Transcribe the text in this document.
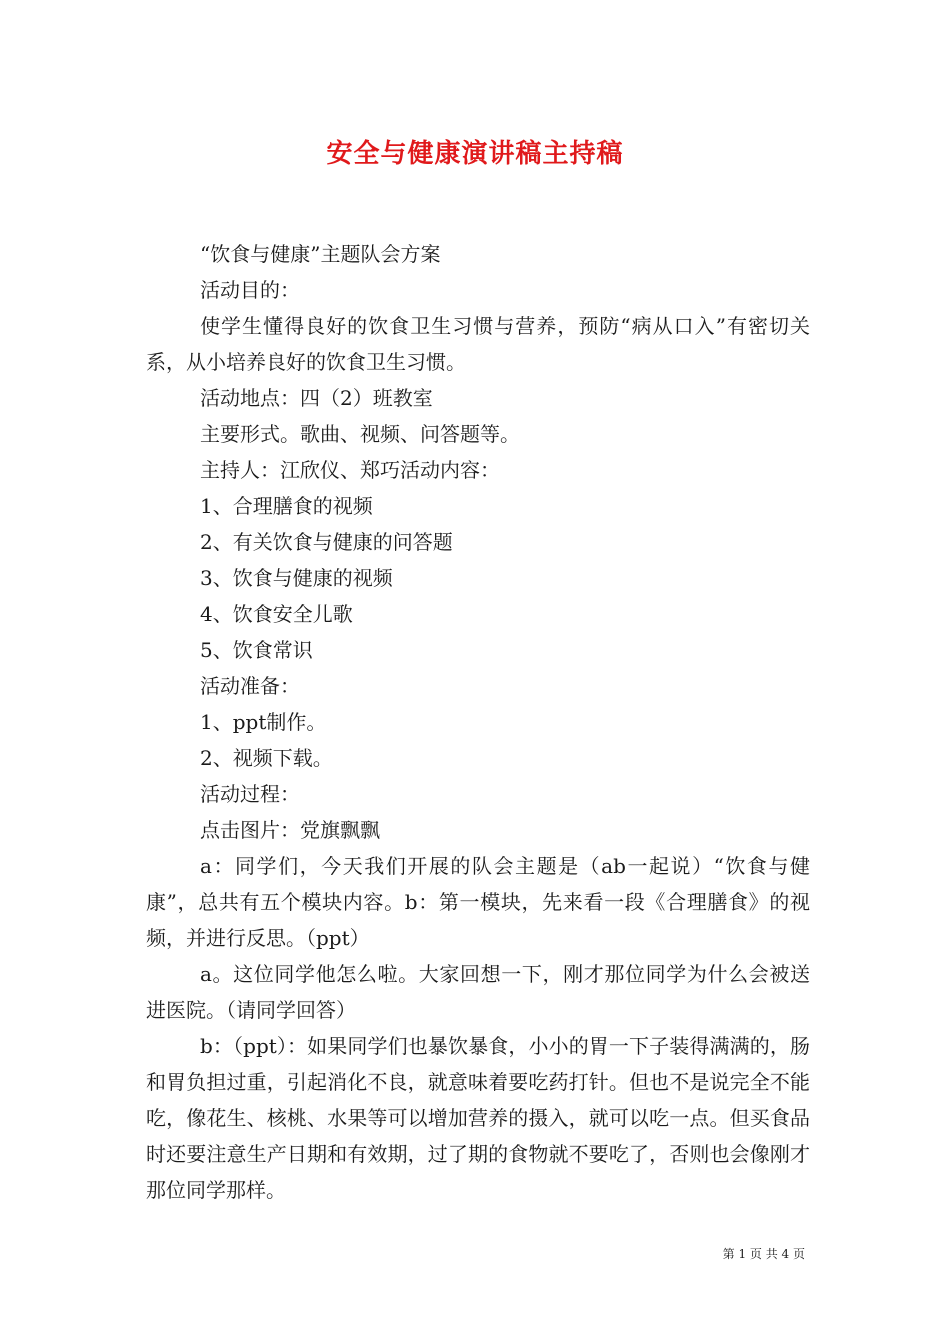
安全与健康演讲稿主持稿

“饮食与健康”主题队会方案

活动目的：

使学生懂得良好的饮食卫生习惯与营养，预防“病从口入”有密切关系，从小培养良好的饮食卫生习惯。

活动地点：四（2）班教室

主要形式。歌曲、视频、问答题等。

主持人：江欣仪、郑巧活动内容：

1、合理膳食的视频

2、有关饮食与健康的问答题

3、饮食与健康的视频

4、饮食安全儿歌

5、饮食常识

活动准备：

1、ppt制作。

2、视频下载。

活动过程：

点击图片：党旗飘飘

a：同学们，今天我们开展的队会主题是（ab一起说）“饮食与健康”，总共有五个模块内容。b：第一模块，先来看一段《合理膳食》的视频，并进行反思。（ppt）

a。这位同学他怎么啦。大家回想一下，刚才那位同学为什么会被送进医院。（请同学回答）

b：（ppt）：如果同学们也暴饮暴食，小小的胃一下子装得满满的，肠和胃负担过重，引起消化不良，就意味着要吃药打针。但也不是说完全不能吃，像花生、核桃、水果等可以增加营养的摄入，就可以吃一点。但买食品时还要注意生产日期和有效期，过了期的食物就不要吃了，否则也会像刚才那位同学那样。

第 1 页 共 4 页
